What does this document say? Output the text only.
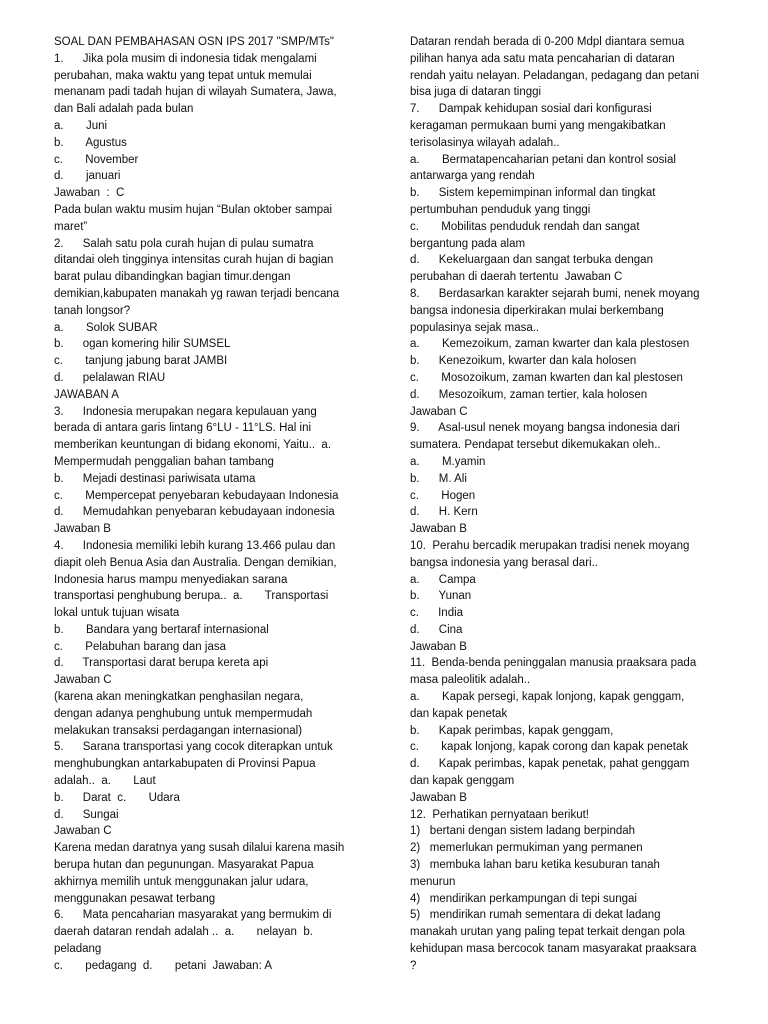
SOAL DAN PEMBAHASAN OSN IPS 2017 "SMP/MTs"
1.      Jika pola musim di indonesia tidak mengalami
perubahan, maka waktu yang tepat untuk memulai
menanam padi tadah hujan di wilayah Sumatera, Jawa,
dan Bali adalah pada bulan
a.       Juni
b.       Agustus
c.       November
d.       januari
Jawaban  :  C
Pada bulan waktu musim hujan “Bulan oktober sampai
maret”
2.      Salah satu pola curah hujan di pulau sumatra
ditandai oleh tingginya intensitas curah hujan di bagian
barat pulau dibandingkan bagian timur.dengan
demikian,kabupaten manakah yg rawan terjadi bencana
tanah longsor?
a.       Solok SUBAR
b.      ogan komering hilir SUMSEL
c.       tanjung jabung barat JAMBI
d.      pelalawan RIAU
JAWABAN A
3.      Indonesia merupakan negara kepulauan yang
berada di antara garis lintang 6°LU - 11°LS. Hal ini
memberikan keuntungan di bidang ekonomi, Yaitu..  a.
Mempermudah penggalian bahan tambang
b.      Mejadi destinasi pariwisata utama
c.       Mempercepat penyebaran kebudayaan Indonesia
d.      Memudahkan penyebaran kebudayaan indonesia
Jawaban B
4.      Indonesia memiliki lebih kurang 13.466 pulau dan
diapit oleh Benua Asia dan Australia. Dengan demikian,
Indonesia harus mampu menyediakan sarana
transportasi penghubung berupa..  a.       Transportasi
lokal untuk tujuan wisata
b.       Bandara yang bertaraf internasional
c.       Pelabuhan barang dan jasa
d.      Transportasi darat berupa kereta api
Jawaban C
(karena akan meningkatkan penghasilan negara,
dengan adanya penghubung untuk mempermudah
melakukan transaksi perdagangan internasional)
5.      Sarana transportasi yang cocok diterapkan untuk
menghubungkan antarkabupaten di Provinsi Papua
adalah..  a.       Laut
b.      Darat  c.       Udara
d.      Sungai
Jawaban C
Karena medan daratnya yang susah dilalui karena masih
berupa hutan dan pegunungan. Masyarakat Papua
akhirnya memilih untuk menggunakan jalur udara,
menggunakan pesawat terbang
6.      Mata pencaharian masyarakat yang bermukim di
daerah dataran rendah adalah ..  a.       nelayan  b.
peladang
c.       pedagang  d.       petani  Jawaban: A
Dataran rendah berada di 0-200 Mdpl diantara semua
pilihan hanya ada satu mata pencaharian di dataran
rendah yaitu nelayan. Peladangan, pedagang dan petani
bisa juga di dataran tinggi
7.      Dampak kehidupan sosial dari konfigurasi
keragaman permukaan bumi yang mengakibatkan
terisolasinya wilayah adalah..
a.       Bermatapencaharian petani dan kontrol sosial
antarwarga yang rendah
b.      Sistem kepemimpinan informal dan tingkat
pertumbuhan penduduk yang tinggi
c.       Mobilitas penduduk rendah dan sangat
bergantung pada alam
d.      Kekeluargaan dan sangat terbuka dengan
perubahan di daerah tertentu  Jawaban C
8.      Berdasarkan karakter sejarah bumi, nenek moyang
bangsa indonesia diperkirakan mulai berkembang
populasinya sejak masa..
a.       Kemezoikum, zaman kwarter dan kala plestosen
b.      Kenezoikum, kwarter dan kala holosen
c.       Mosozoikum, zaman kwarten dan kal plestosen
d.      Mesozoikum, zaman tertier, kala holosen
Jawaban C
9.      Asal-usul nenek moyang bangsa indonesia dari
sumatera. Pendapat tersebut dikemukakan oleh..
a.       M.yamin
b.      M. Ali
c.       Hogen
d.      H. Kern
Jawaban B
10.  Perahu bercadik merupakan tradisi nenek moyang
bangsa indonesia yang berasal dari..
a.      Campa
b.      Yunan
c.      India
d.      Cina
Jawaban B
11.  Benda-benda peninggalan manusia praaksara pada
masa paleolitik adalah..
a.       Kapak persegi, kapak lonjong, kapak genggam,
dan kapak penetak
b.      Kapak perimbas, kapak genggam,
c.       kapak lonjong, kapak corong dan kapak penetak
d.      Kapak perimbas, kapak penetak, pahat genggam
dan kapak genggam
Jawaban B
12.  Perhatikan pernyataan berikut!
1)   bertani dengan sistem ladang berpindah
2)   memerlukan permukiman yang permanen
3)   membuka lahan baru ketika kesuburan tanah
menurun
4)   mendirikan perkampungan di tepi sungai
5)   mendirikan rumah sementara di dekat ladang
manakah urutan yang paling tepat terkait dengan pola
kehidupan masa bercocok tanam masyarakat praaksara
?
